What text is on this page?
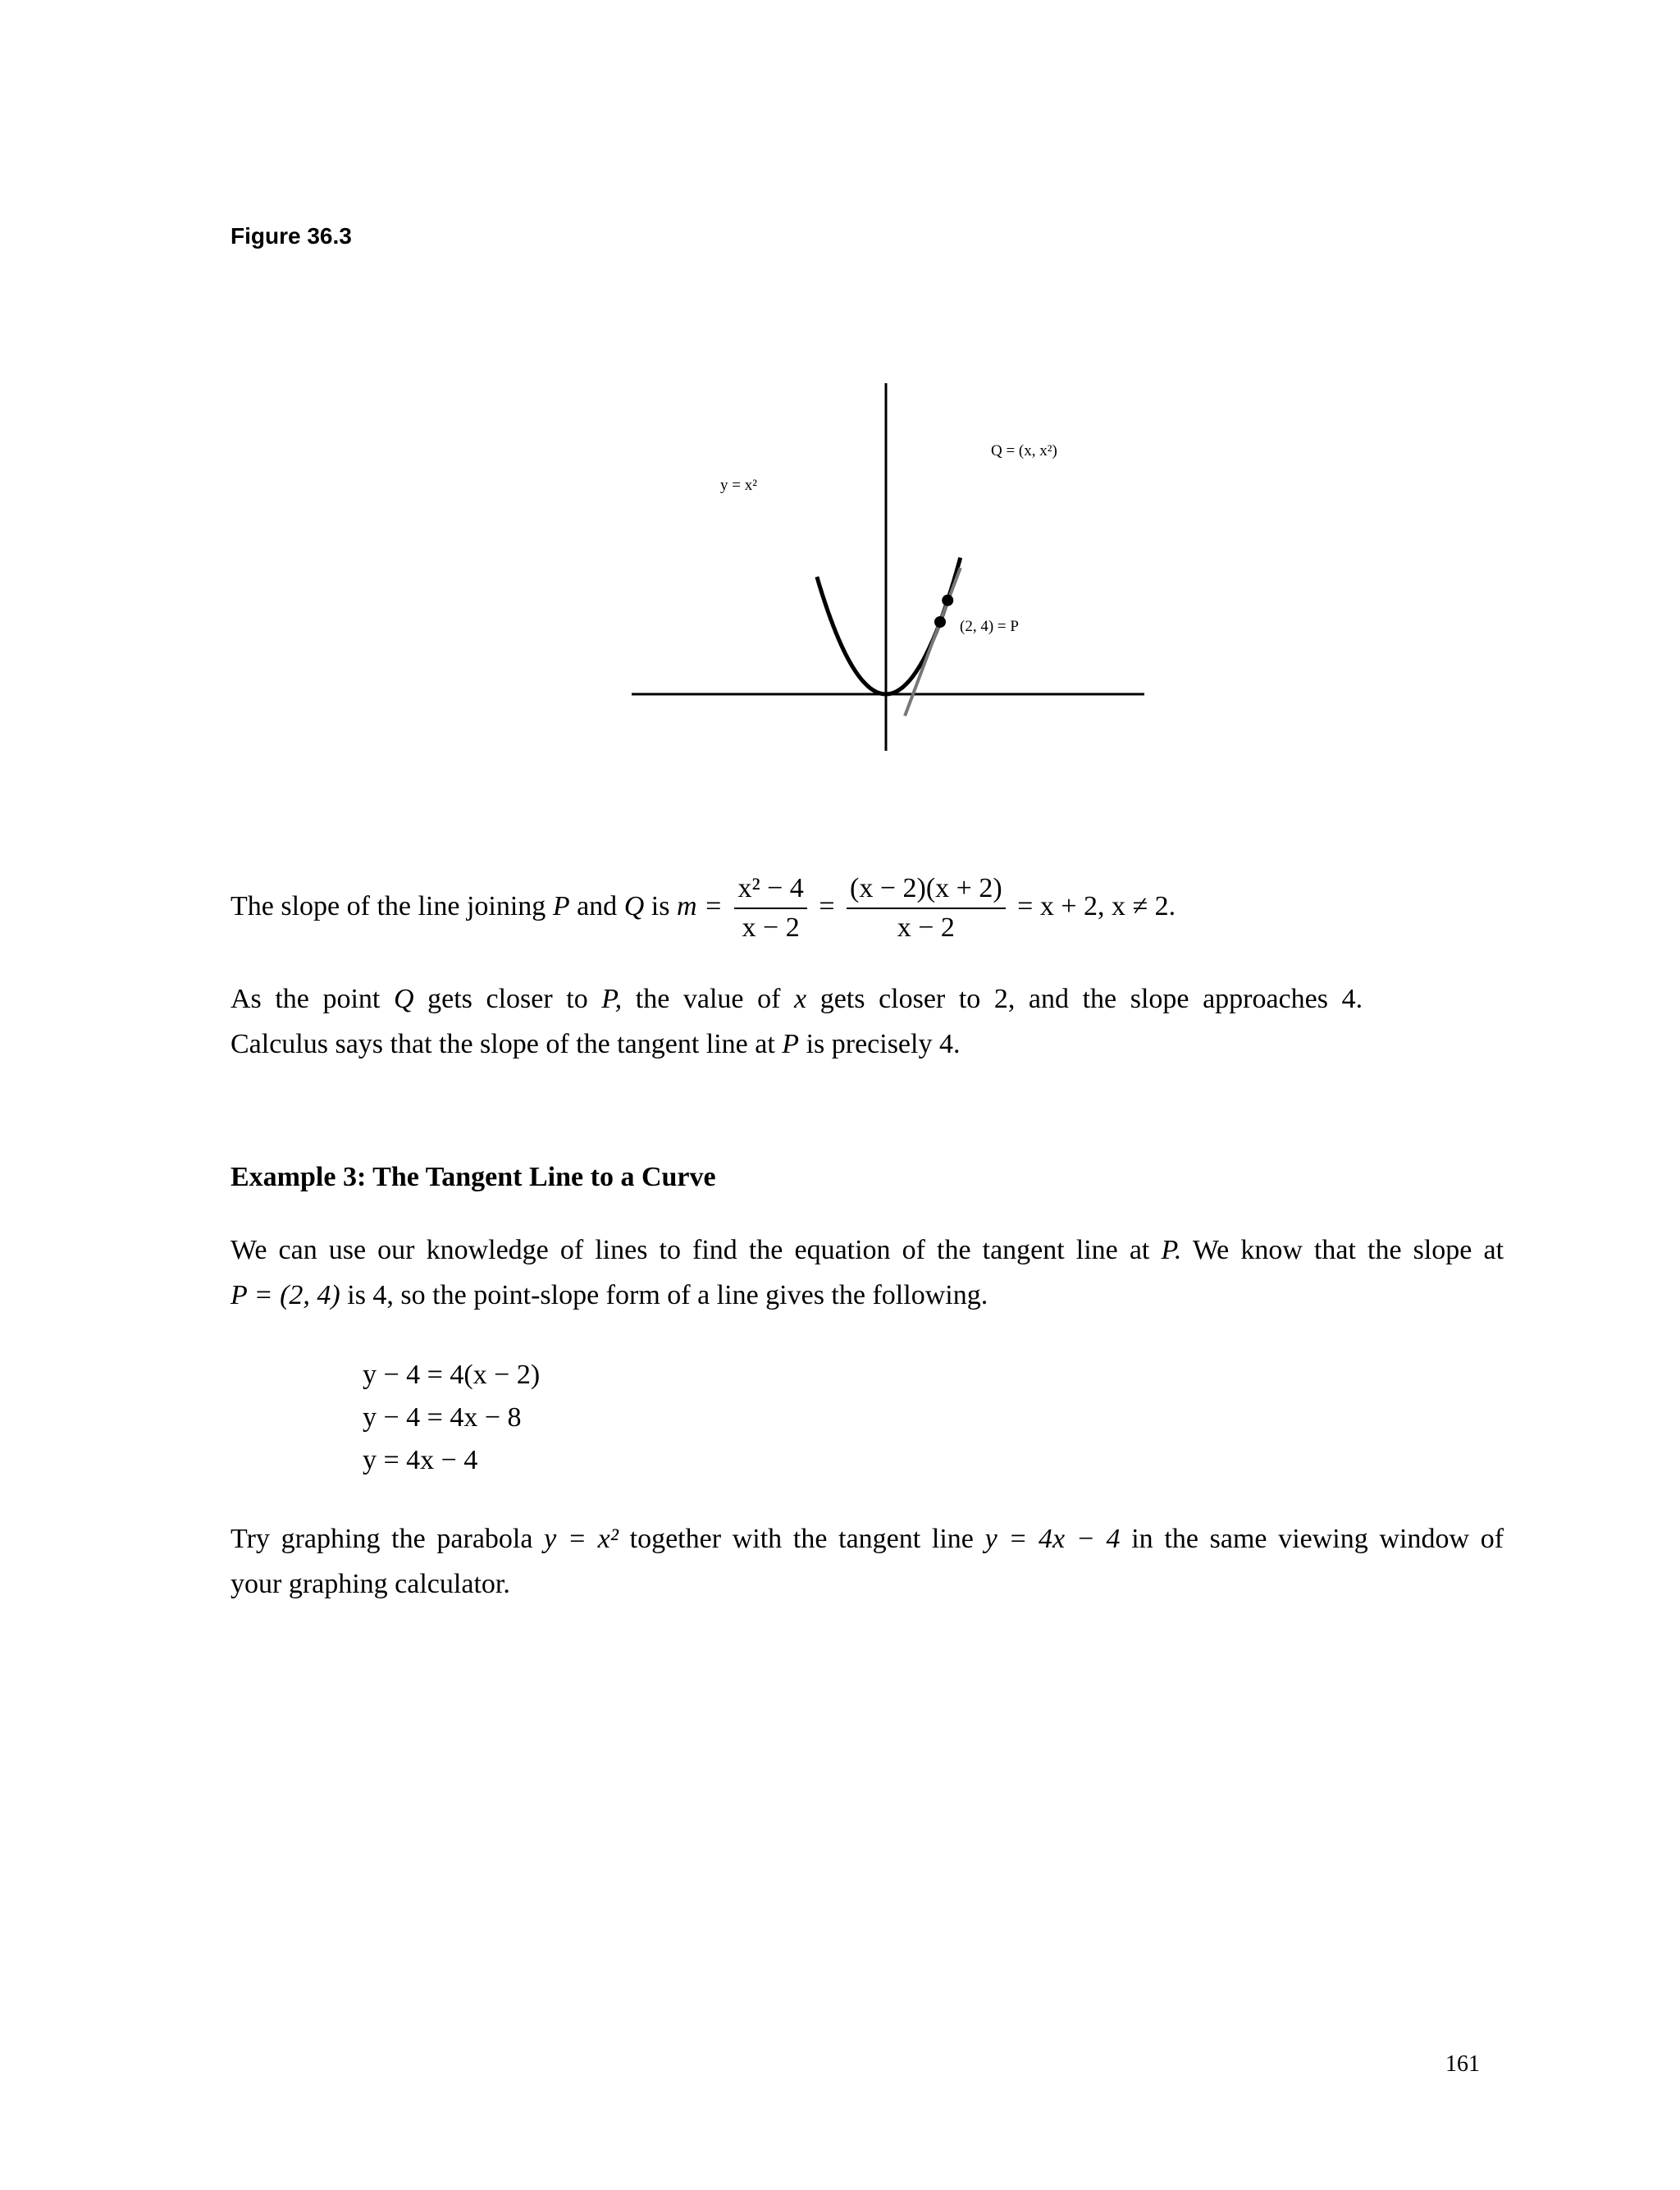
Figure 36.3
y = x²
Q = (x, x²)
(2, 4) = P
The slope of the line joining P and Q is $m = \frac{\text{x² − 4}}{x - 2} = \frac{(x - 2)(x + 2)}{x - 2} = x + 2$, x ≠ 2.
As the point Q gets closer to P, the value of x gets closer to 2, and the slope approaches 4.
Calculus says that the slope of the tangent line at P is precisely 4.
Example 3: The Tangent Line to a Curve
We can use our knowledge of lines to find the equation of the tangent line at P. We know that the slope at
P = (2, 4) is 4, so the point-slope form of a line gives the following.
y − 4 = 4(x − 2)
y − 4 = 4x − 8
y = 4x − 4
Try graphing the parabola y = x² together with the tangent line y = 4x − 4 in the same viewing window of
your graphing calculator.
161
